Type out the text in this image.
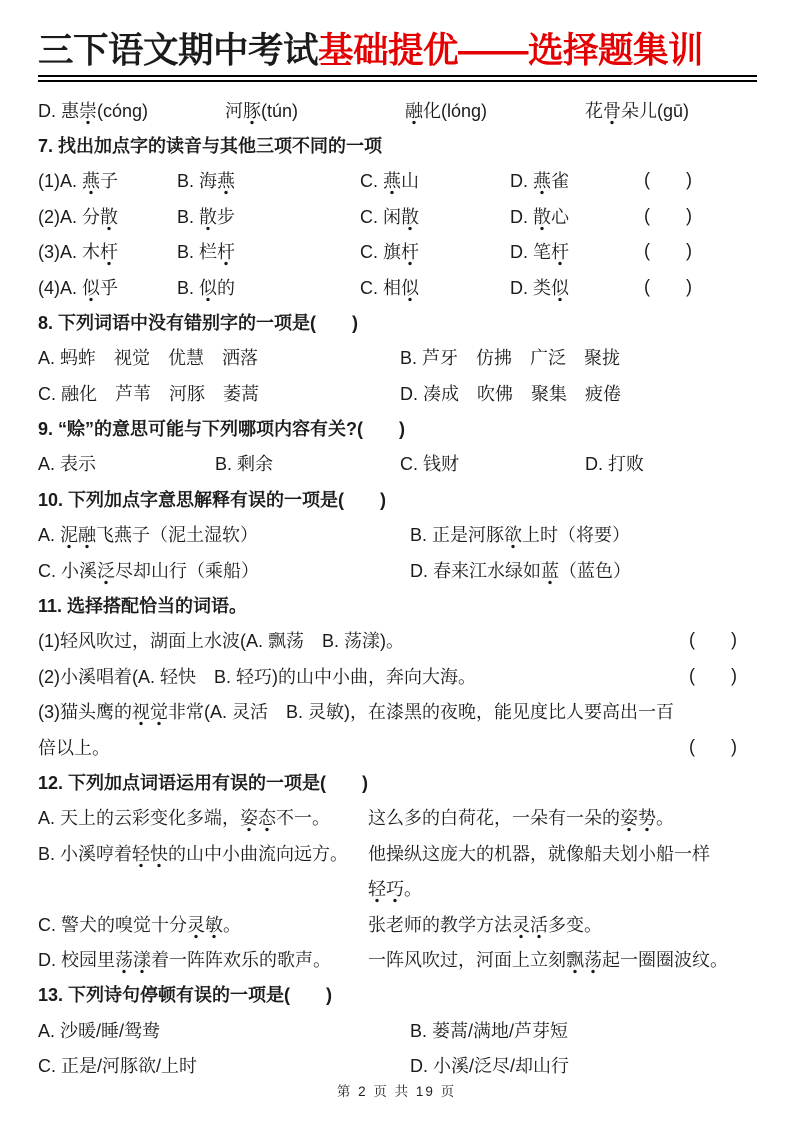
三下语文期中考试基础提优——选择题集训
D. 惠崇(cóng)	河豚(tún)	融化(lóng)	花骨朵儿(gū)
7. 找出加点字的读音与其他三项不同的一项
(1)A. 燕子	B. 海燕	C. 燕山	D. 燕雀	(  )
(2)A. 分散	B. 散步	C. 闲散	D. 散心	(  )
(3)A. 木杆	B. 栏杆	C. 旗杆	D. 笔杆	(  )
(4)A. 似乎	B. 似的	C. 相似	D. 类似	(  )
8. 下列词语中没有错别字的一项是(  )
A. 蚂蚱　视觉　优慧　洒落	B. 芦牙　仿拂　广泛　聚拢
C. 融化　芦苇　河豚　萎蒿	D. 凑成　吹佛　聚集　疲倦
9. “赊”的意思可能与下列哪项内容有关?(  )
A. 表示	B. 剩余	C. 钱财	D. 打败
10. 下列加点字意思解释有误的一项是(  )
A. 泥融飞燕子（泥土湿软）	B. 正是河豚欲上时（将要）
C. 小溪泛尽却山行（乘船）	D. 春来江水绿如蓝（蓝色）
11. 选择搭配恰当的词语。
(1)轻风吹过，湖面上水波(A. 飘荡　B. 荡漾)。	(  )
(2)小溪唱着(A. 轻快　B. 轻巧)的山中小曲，奔向大海。	(  )
(3)猫头鹰的视觉非常(A. 灵活　B. 灵敏)，在漆黑的夜晚，能见度比人要高出一百
倍以上。	(  )
12. 下列加点词语运用有误的一项是(  )
A. 天上的云彩变化多端，姿态不一。	这么多的白荷花，一朵有一朵的姿势。
B. 小溪哼着轻快的山中小曲流向远方。	他操纵这庞大的机器，就像船夫划小船一样
轻巧。
C. 警犬的嗅觉十分灵敏。	张老师的教学方法灵活多变。
D. 校园里荡漾着一阵阵欢乐的歌声。	一阵风吹过，河面上立刻飘荡起一圈圈波纹。
13. 下列诗句停顿有误的一项是(  )
A. 沙暖/睡/鸳鸯	B. 蒌蒿/满地/芦芽短
C. 正是/河豚欲/上时	D. 小溪/泛尽/却山行
第 2 页 共 19 页
